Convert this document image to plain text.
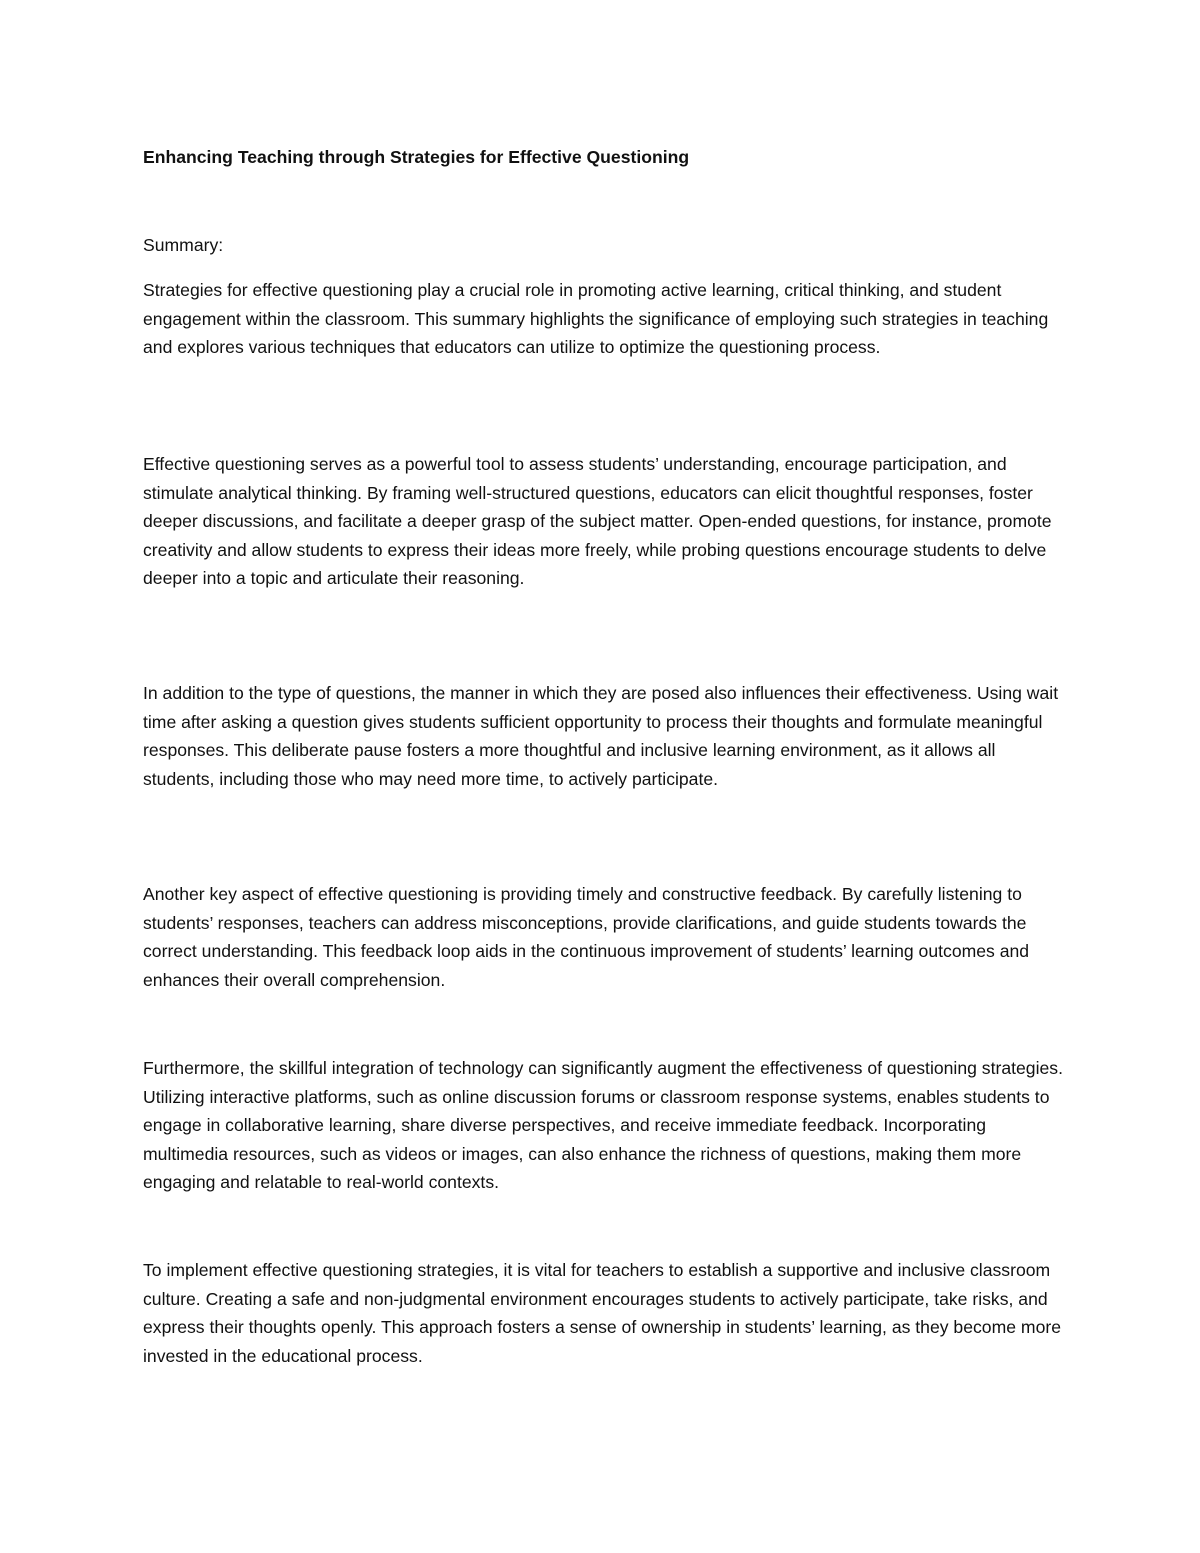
Enhancing Teaching through Strategies for Effective Questioning

Summary:

Strategies for effective questioning play a crucial role in promoting active learning, critical thinking, and student engagement within the classroom. This summary highlights the significance of employing such strategies in teaching and explores various techniques that educators can utilize to optimize the questioning process.

Effective questioning serves as a powerful tool to assess students’ understanding, encourage participation, and stimulate analytical thinking. By framing well-structured questions, educators can elicit thoughtful responses, foster deeper discussions, and facilitate a deeper grasp of the subject matter. Open-ended questions, for instance, promote creativity and allow students to express their ideas more freely, while probing questions encourage students to delve deeper into a topic and articulate their reasoning.

In addition to the type of questions, the manner in which they are posed also influences their effectiveness. Using wait time after asking a question gives students sufficient opportunity to process their thoughts and formulate meaningful responses. This deliberate pause fosters a more thoughtful and inclusive learning environment, as it allows all students, including those who may need more time, to actively participate.

Another key aspect of effective questioning is providing timely and constructive feedback. By carefully listening to students’ responses, teachers can address misconceptions, provide clarifications, and guide students towards the correct understanding. This feedback loop aids in the continuous improvement of students’ learning outcomes and enhances their overall comprehension.

Furthermore, the skillful integration of technology can significantly augment the effectiveness of questioning strategies. Utilizing interactive platforms, such as online discussion forums or classroom response systems, enables students to engage in collaborative learning, share diverse perspectives, and receive immediate feedback. Incorporating multimedia resources, such as videos or images, can also enhance the richness of questions, making them more engaging and relatable to real-world contexts.

To implement effective questioning strategies, it is vital for teachers to establish a supportive and inclusive classroom culture. Creating a safe and non-judgmental environment encourages students to actively participate, take risks, and express their thoughts openly. This approach fosters a sense of ownership in students’ learning, as they become more invested in the educational process.
